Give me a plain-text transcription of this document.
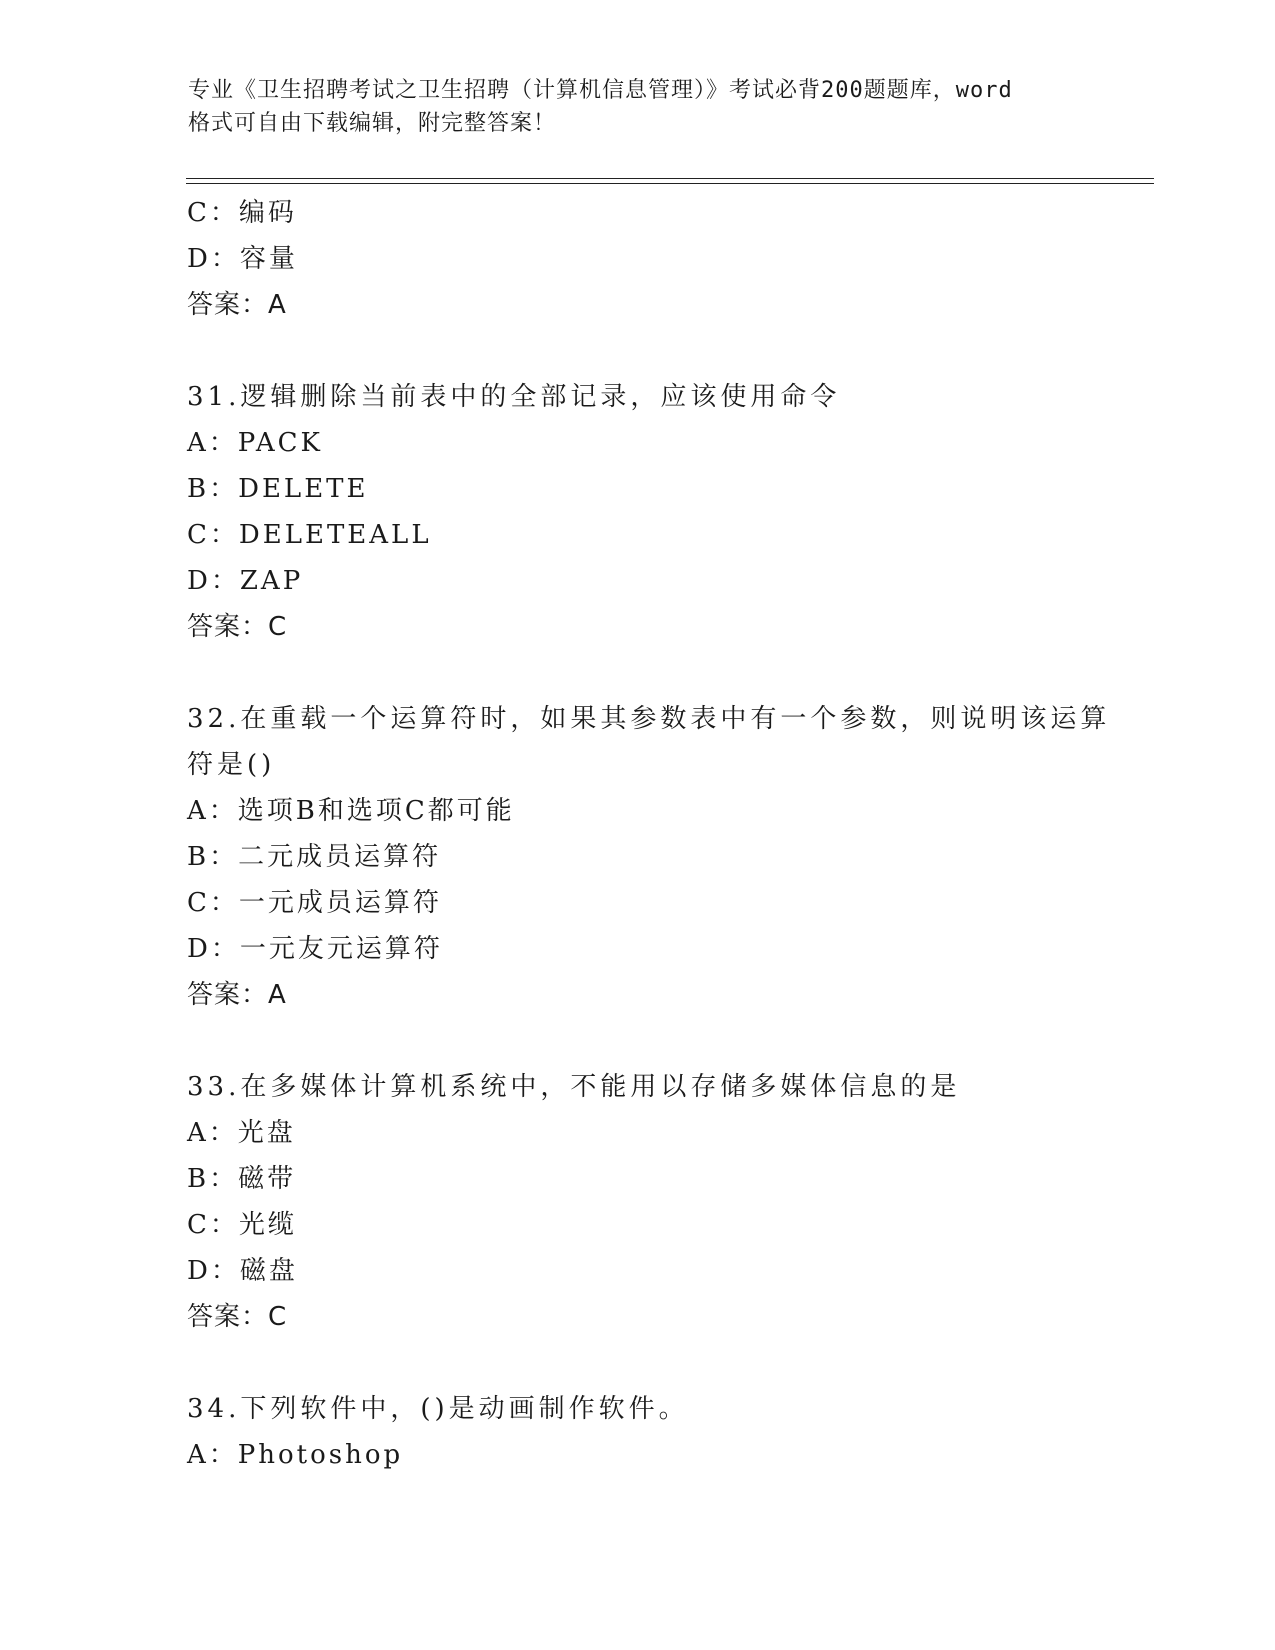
专业《卫生招聘考试之卫生招聘（计算机信息管理）》考试必背200题题库，word
格式可自由下载编辑，附完整答案！
C：编码
D：容量
答案：A
31.逻辑删除当前表中的全部记录，应该使用命令
A：PACK
B：DELETE
C：DELETEALL
D：ZAP
答案：C
32.在重载一个运算符时，如果其参数表中有一个参数，则说明该运算
符是()
A：选项B和选项C都可能
B：二元成员运算符
C：一元成员运算符
D：一元友元运算符
答案：A
33.在多媒体计算机系统中，不能用以存储多媒体信息的是
A：光盘
B：磁带
C：光缆
D：磁盘
答案：C
34.下列软件中，()是动画制作软件。
A：Photoshop
